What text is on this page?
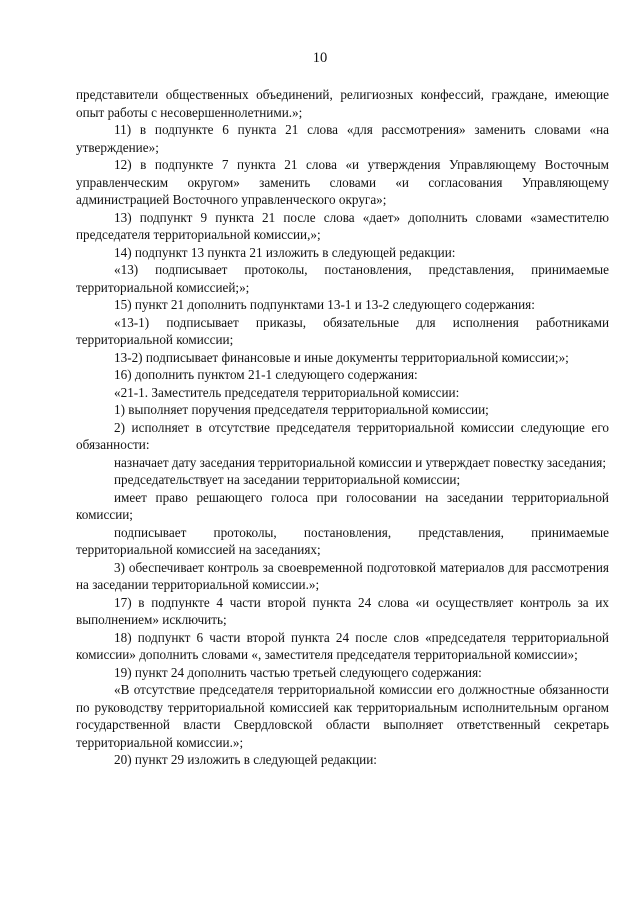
10

представители общественных объединений, религиозных конфессий, граждане, имеющие опыт работы с несовершеннолетними.»;

11) в подпункте 6 пункта 21 слова «для рассмотрения» заменить словами «на утверждение»;

12) в подпункте 7 пункта 21 слова «и утверждения Управляющему Восточным управленческим округом» заменить словами «и согласования Управляющему администрацией Восточного управленческого округа»;

13) подпункт 9 пункта 21 после слова «дает» дополнить словами «заместителю председателя территориальной комиссии,»;

14) подпункт 13 пункта 21 изложить в следующей редакции:

«13) подписывает протоколы, постановления, представления, принимаемые территориальной комиссией;»;

15) пункт 21 дополнить подпунктами 13-1 и 13-2 следующего содержания:

«13-1) подписывает приказы, обязательные для исполнения работниками территориальной комиссии;

13-2) подписывает финансовые и иные документы территориальной комиссии;»;

16) дополнить пунктом 21-1 следующего содержания:

«21-1. Заместитель председателя территориальной комиссии:

1) выполняет поручения председателя территориальной комиссии;

2) исполняет в отсутствие председателя территориальной комиссии следующие его обязанности:

назначает дату заседания территориальной комиссии и утверждает повестку заседания;

председательствует на заседании территориальной комиссии;

имеет право решающего голоса при голосовании на заседании территориальной комиссии;

подписывает протоколы, постановления, представления, принимаемые территориальной комиссией на заседаниях;

3) обеспечивает контроль за своевременной подготовкой материалов для рассмотрения на заседании территориальной комиссии.»;

17) в подпункте 4 части второй пункта 24 слова «и осуществляет контроль за их выполнением» исключить;

18) подпункт 6 части второй пункта 24 после слов «председателя территориальной комиссии» дополнить словами «, заместителя председателя территориальной комиссии»;

19) пункт 24 дополнить частью третьей следующего содержания:

«В отсутствие председателя территориальной комиссии его должностные обязанности по руководству территориальной комиссией как территориальным исполнительным органом государственной власти Свердловской области выполняет ответственный секретарь территориальной комиссии.»;

20) пункт 29 изложить в следующей редакции:
